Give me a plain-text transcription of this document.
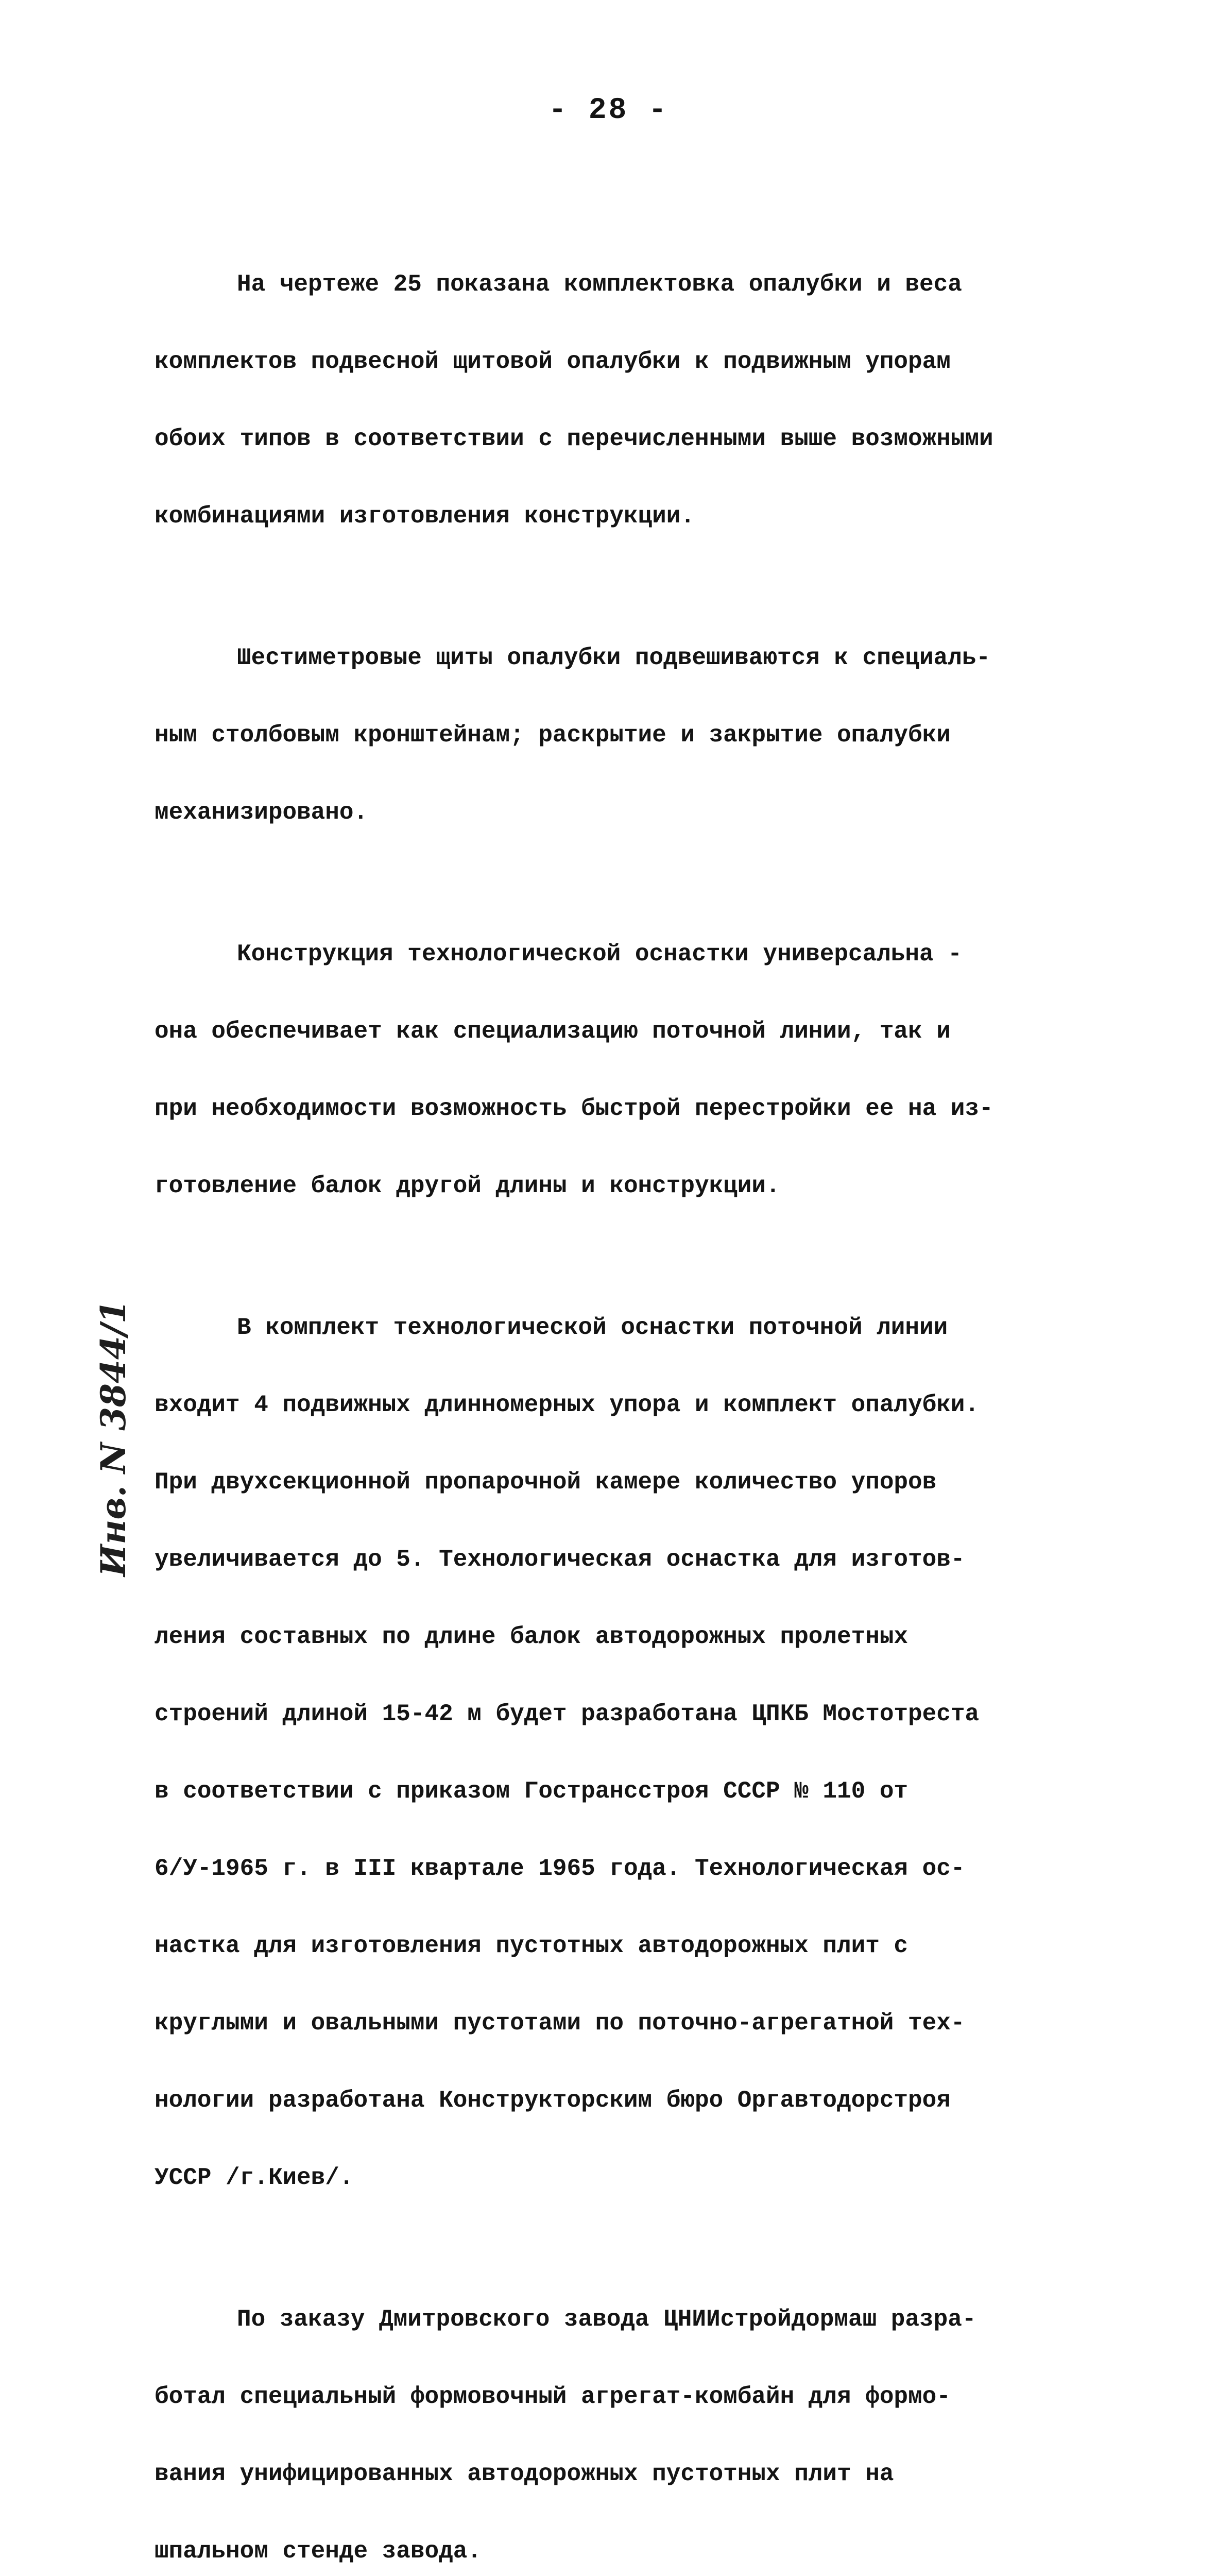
- 28 -
Инв. N 3844/1

На чертеже 25 показана комплектовка опалубки и веса

комплектов подвесной щитовой опалубки к подвижным упорам

обоих типов в соответствии с перечисленными выше возможными

комбинациями изготовления конструкции.

Шестиметровые щиты опалубки подвешиваются к специаль-

ным столбовым кронштейнам; раскрытие и закрытие опалубки

механизировано.

Конструкция технологической оснастки универсальна -

она обеспечивает как специализацию поточной линии, так и

при необходимости возможность быстрой перестройки ее на из-

готовление балок другой длины и конструкции.

В комплект технологической оснастки поточной линии

входит 4 подвижных длинномерных упора и комплект опалубки.

При двухсекционной пропарочной камере количество упоров

увеличивается до 5. Технологическая оснастка для изготов-

ления составных по длине балок автодорожных пролетных

строений длиной 15-42 м будет разработана ЦПКБ Мостотреста

в соответствии с приказом Гострансстроя СССР № 110 от

6/У-1965 г. в III квартале 1965 года. Технологическая ос-

настка для изготовления пустотных автодорожных плит с

круглыми и овальными пустотами по поточно-агрегатной тех-

нологии разработана Конструкторским бюро Оргавтодорстроя

УССР /г.Киев/.

По заказу Дмитровского завода ЦНИИстройдормаш разра-

ботал специальный формовочный агрегат-комбайн для формо-

вания унифицированных автодорожных пустотных плит на

шпальном стенде завода.
